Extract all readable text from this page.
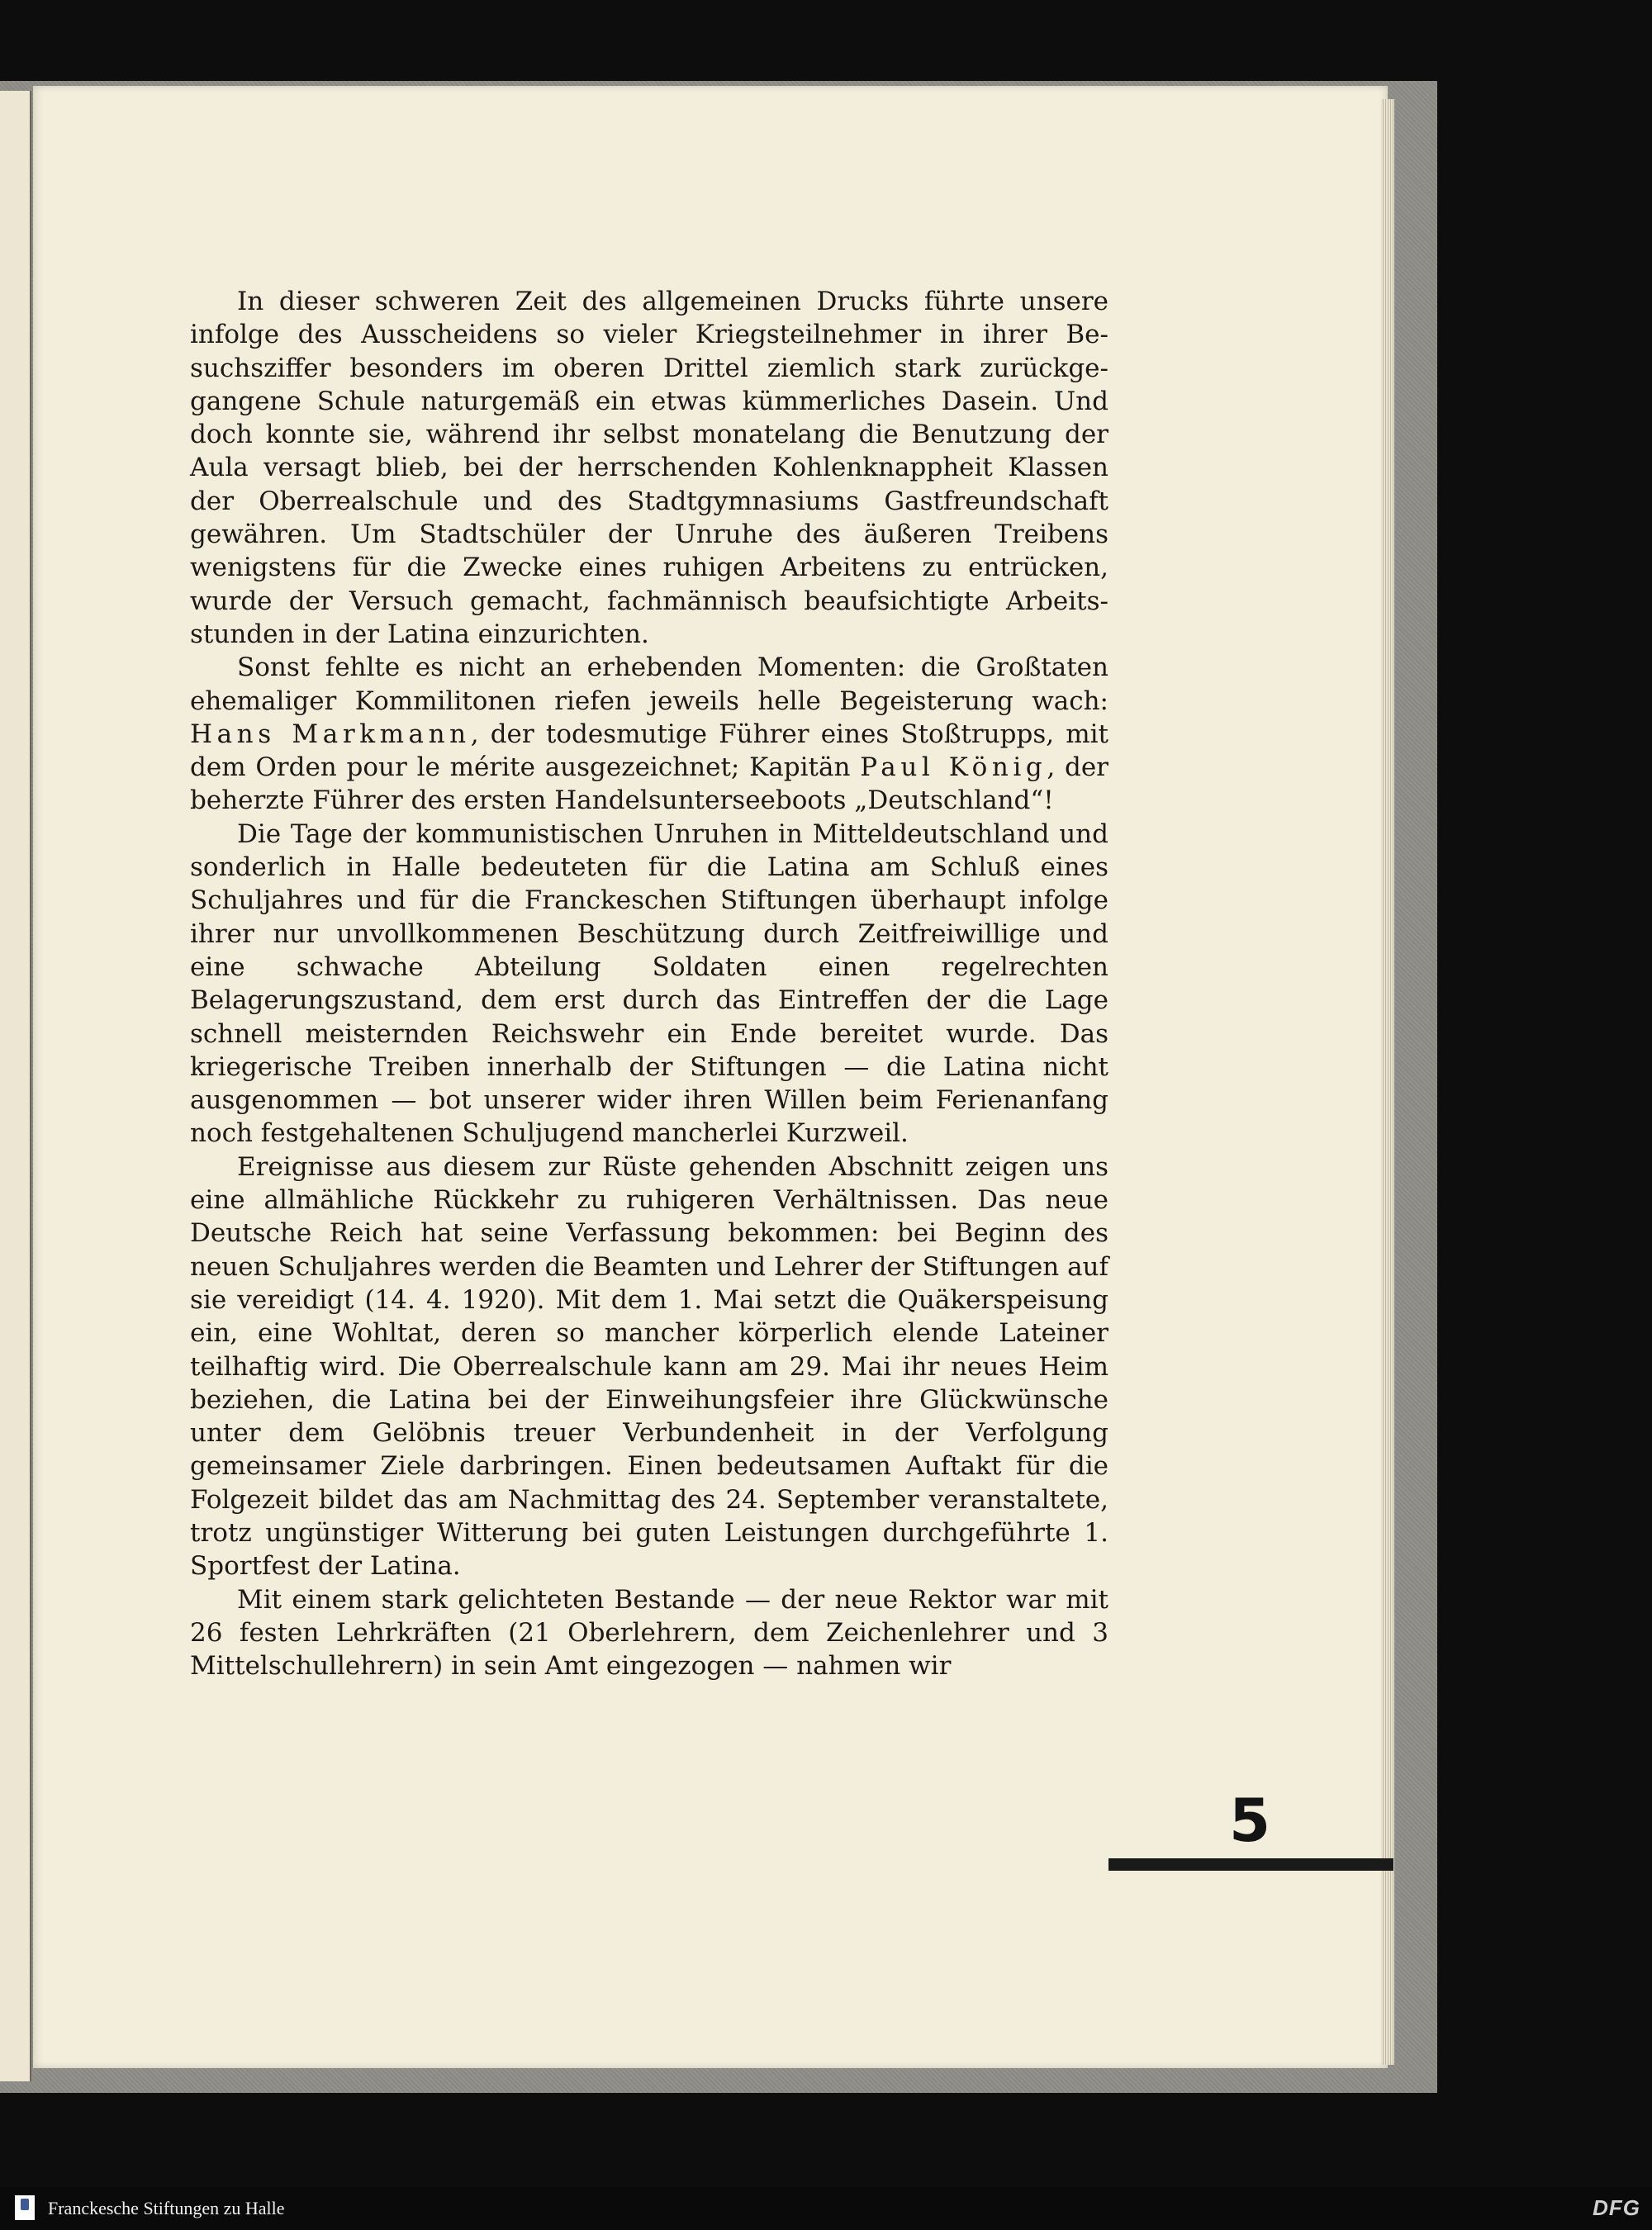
In dieser schweren Zeit des allgemeinen Drucks führte unsere infolge des Ausscheidens so vieler Kriegsteilnehmer in ihrer Besuchsziffer besonders im oberen Drittel ziemlich stark zurückgegangene Schule naturgemäß ein etwas kümmerliches Dasein. Und doch konnte sie, während ihr selbst monatelang die Benutzung der Aula versagt blieb, bei der herrschenden Kohlenknappheit Klassen der Oberrealschule und des Stadtgymnasiums Gastfreundschaft gewähren. Um Stadtschüler der Unruhe des äußeren Treibens wenigstens für die Zwecke eines ruhigen Arbeitens zu entrücken, wurde der Versuch gemacht, fachmännisch beaufsichtigte Arbeitsstunden in der Latina einzurichten.

Sonst fehlte es nicht an erhebenden Momenten: die Großtaten ehemaliger Kommilitonen riefen jeweils helle Begeisterung wach: Hans Markmann, der todesmutige Führer eines Stoßtrupps, mit dem Orden pour le mérite ausgezeichnet; Kapitän Paul König, der beherzte Führer des ersten Handelsunterseeboots „Deutschland“!

Die Tage der kommunistischen Unruhen in Mitteldeutschland und sonderlich in Halle bedeuteten für die Latina am Schluß eines Schuljahres und für die Franckeschen Stiftungen überhaupt infolge ihrer nur unvollkommenen Beschützung durch Zeitfreiwillige und eine schwache Abteilung Soldaten einen regelrechten Belagerungszustand, dem erst durch das Eintreffen der die Lage schnell meisternden Reichswehr ein Ende bereitet wurde. Das kriegerische Treiben innerhalb der Stiftungen — die Latina nicht ausgenommen — bot unserer wider ihren Willen beim Ferienanfang noch festgehaltenen Schuljugend mancherlei Kurzweil.

Ereignisse aus diesem zur Rüste gehenden Abschnitt zeigen uns eine allmähliche Rückkehr zu ruhigeren Verhältnissen. Das neue Deutsche Reich hat seine Verfassung bekommen: bei Beginn des neuen Schuljahres werden die Beamten und Lehrer der Stiftungen auf sie vereidigt (14. 4. 1920). Mit dem 1. Mai setzt die Quäkerspeisung ein, eine Wohltat, deren so mancher körperlich elende Lateiner teilhaftig wird. Die Oberrealschule kann am 29. Mai ihr neues Heim beziehen, die Latina bei der Einweihungsfeier ihre Glückwünsche unter dem Gelöbnis treuer Verbundenheit in der Verfolgung gemeinsamer Ziele darbringen. Einen bedeutsamen Auftakt für die Folgezeit bildet das am Nachmittag des 24. September veranstaltete, trotz ungünstiger Witterung bei guten Leistungen durchgeführte 1. Sportfest der Latina.

Mit einem stark gelichteten Bestande — der neue Rektor war mit 26 festen Lehrkräften (21 Oberlehrern, dem Zeichenlehrer und 3 Mittelschullehrern) in sein Amt eingezogen — nahmen wir

5
Franckesche Stiftungen zu Halle	DFG
